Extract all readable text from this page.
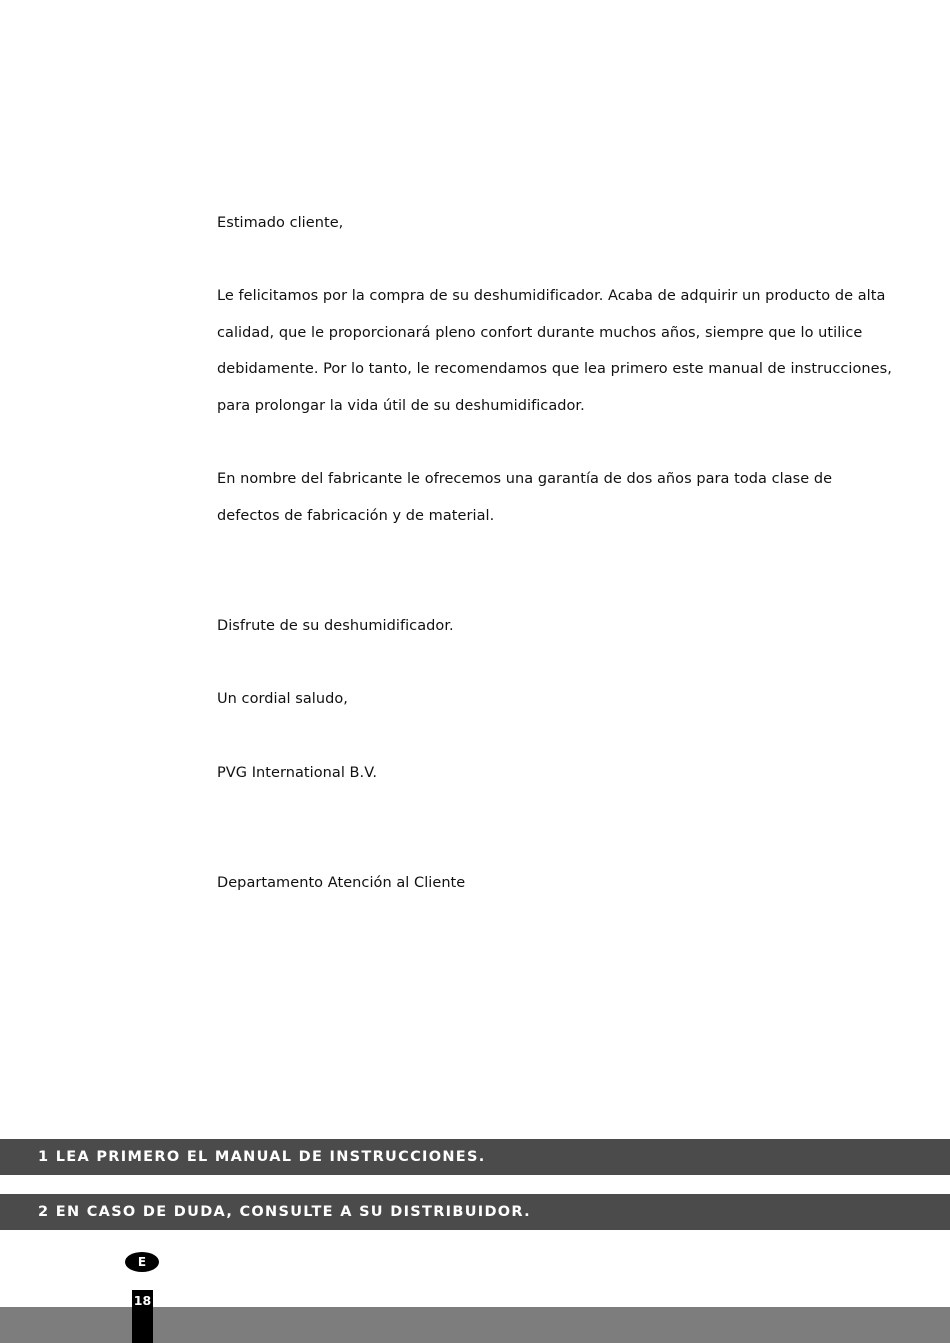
Estimado cliente,
Le felicitamos por la compra de su deshumidificador. Acaba de adquirir un producto de alta
calidad, que le proporcionará pleno confort durante muchos años, siempre que lo utilice
debidamente. Por lo tanto, le recomendamos que lea primero este manual de instrucciones,
para prolongar la vida útil de su deshumidificador.
En nombre del fabricante le ofrecemos una garantía de dos años para toda clase de
defectos de fabricación y de material.
Disfrute de su deshumidificador.
Un cordial saludo,
PVG International B.V.
Departamento Atención al Cliente
1 LEA PRIMERO EL MANUAL DE INSTRUCCIONES.
2 EN CASO DE DUDA, CONSULTE A SU DISTRIBUIDOR.
E
18
